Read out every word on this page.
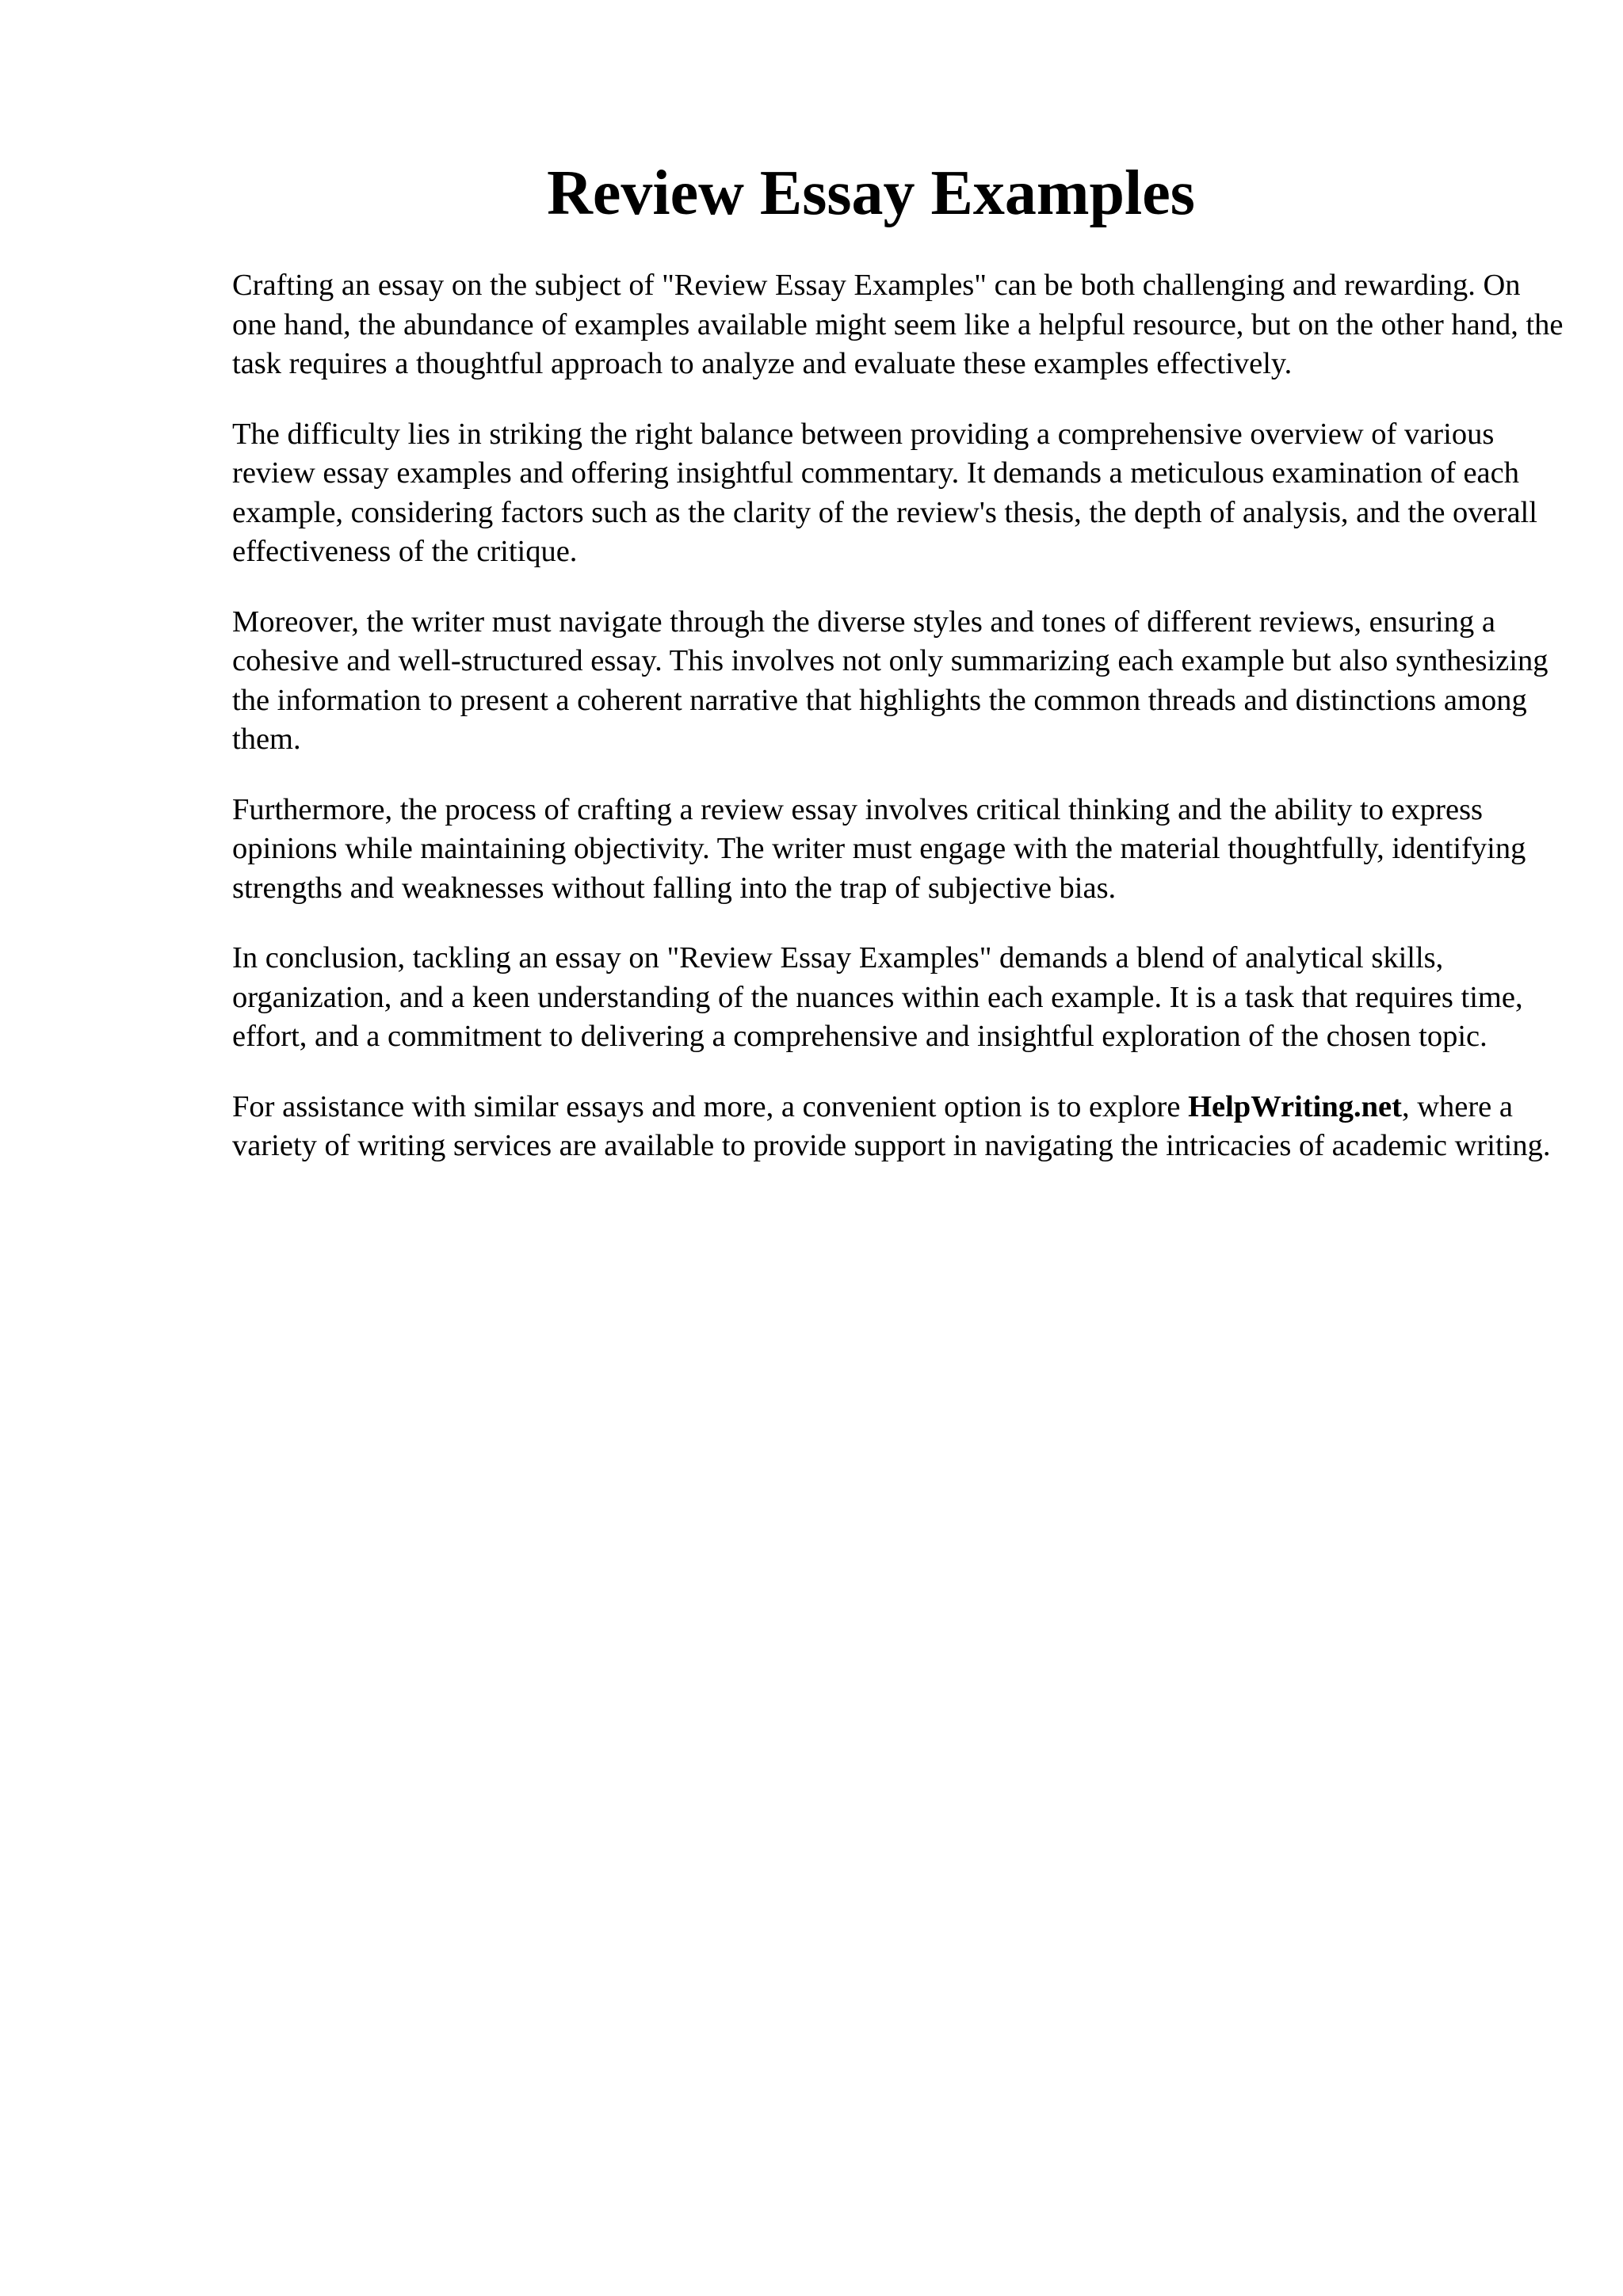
Review Essay Examples

Crafting an essay on the subject of "Review Essay Examples" can be both challenging and rewarding. On one hand, the abundance of examples available might seem like a helpful resource, but on the other hand, the task requires a thoughtful approach to analyze and evaluate these examples effectively.

The difficulty lies in striking the right balance between providing a comprehensive overview of various review essay examples and offering insightful commentary. It demands a meticulous examination of each example, considering factors such as the clarity of the review's thesis, the depth of analysis, and the overall effectiveness of the critique.

Moreover, the writer must navigate through the diverse styles and tones of different reviews, ensuring a cohesive and well-structured essay. This involves not only summarizing each example but also synthesizing the information to present a coherent narrative that highlights the common threads and distinctions among them.

Furthermore, the process of crafting a review essay involves critical thinking and the ability to express opinions while maintaining objectivity. The writer must engage with the material thoughtfully, identifying strengths and weaknesses without falling into the trap of subjective bias.

In conclusion, tackling an essay on "Review Essay Examples" demands a blend of analytical skills, organization, and a keen understanding of the nuances within each example. It is a task that requires time, effort, and a commitment to delivering a comprehensive and insightful exploration of the chosen topic.

For assistance with similar essays and more, a convenient option is to explore HelpWriting.net, where a variety of writing services are available to provide support in navigating the intricacies of academic writing.
